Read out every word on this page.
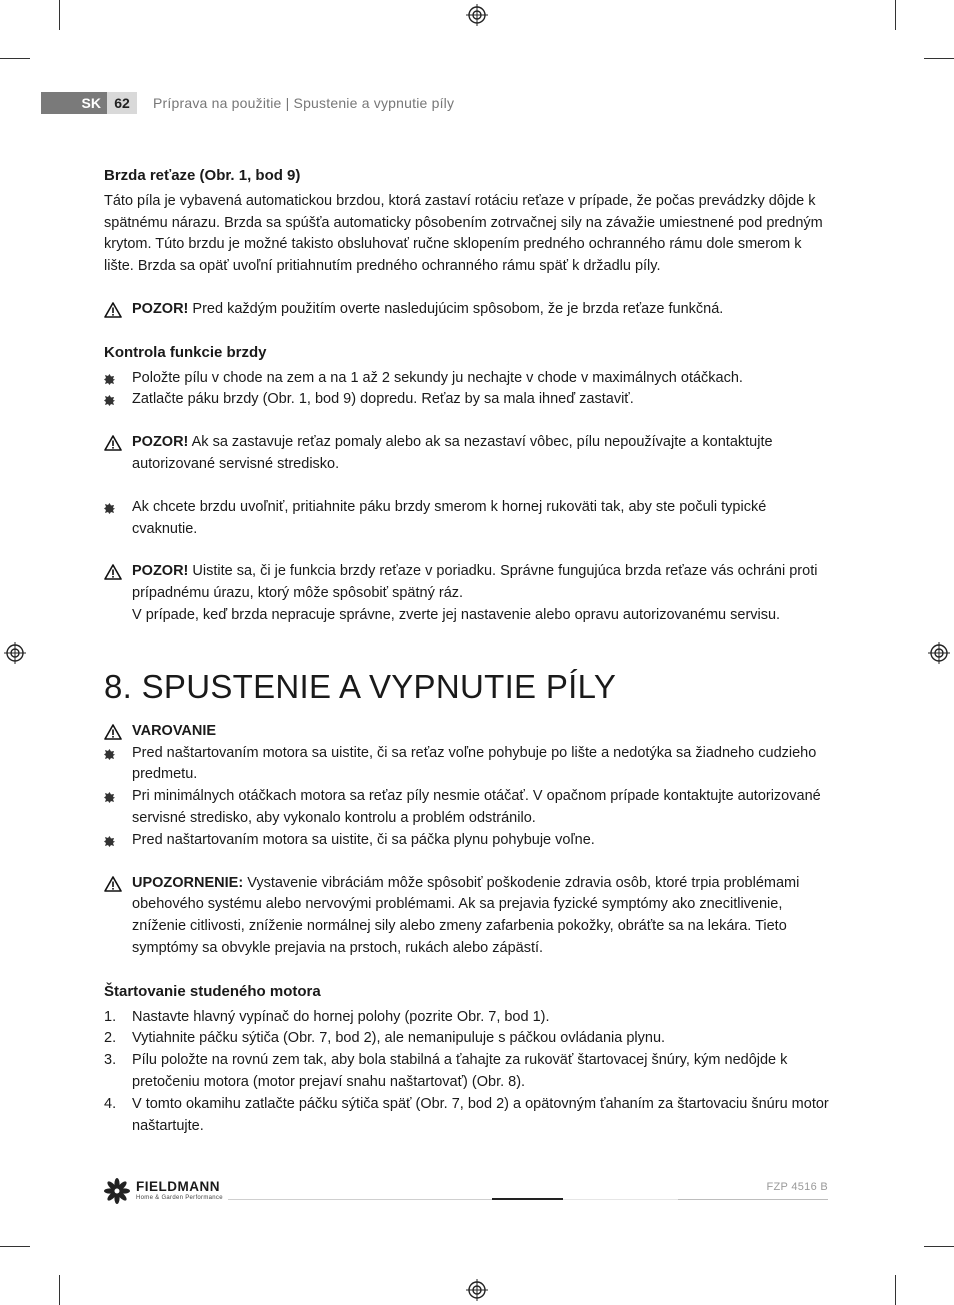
SK 62	Príprava na použitie | Spustenie a vypnutie píly
Brzda reťaze (Obr. 1, bod 9)

Táto píla je vybavená automatickou brzdou, ktorá zastaví rotáciu reťaze v prípade, že počas prevádzky dôjde k spätnému nárazu. Brzda sa spúšťa automaticky pôsobením zotrvačnej sily na závažie umiestnené pod predným krytom. Túto brzdu je možné takisto obsluhovať ručne sklopením predného ochranného rámu dole smerom k lište. Brzda sa opäť uvoľní pritiahnutím predného ochranného rámu späť k držadlu píly.

POZOR! Pred každým použitím overte nasledujúcim spôsobom, že je brzda reťaze funkčná.
Kontrola funkcie brzdy
Položte pílu v chode na zem a na 1 až 2 sekundy ju nechajte v chode v maximálnych otáčkach.
Zatlačte páku brzdy (Obr. 1, bod 9) dopredu. Reťaz by sa mala ihneď zastaviť.
POZOR! Ak sa zastavuje reťaz pomaly alebo ak sa nezastaví vôbec, pílu nepoužívajte a kontaktujte autorizované servisné stredisko.
Ak chcete brzdu uvoľniť, pritiahnite páku brzdy smerom k hornej rukoväti tak, aby ste počuli typické cvaknutie.
POZOR! Uistite sa, či je funkcia brzdy reťaze v poriadku. Správne fungujúca brzda reťaze vás ochráni proti prípadnému úrazu, ktorý môže spôsobiť spätný ráz.

V prípade, keď brzda nepracuje správne, zverte jej nastavenie alebo opravu autorizovanému servisu.

8. SPUSTENIE A VYPNUTIE PÍLY
VAROVANIE
Pred naštartovaním motora sa uistite, či sa reťaz voľne pohybuje po lište a nedotýka sa žiadneho cudzieho predmetu.
Pri minimálnych otáčkach motora sa reťaz píly nesmie otáčať. V opačnom prípade kontaktujte autorizované servisné stredisko, aby vykonalo kontrolu a problém odstránilo.
Pred naštartovaním motora sa uistite, či sa páčka plynu pohybuje voľne.
UPOZORNENIE: Vystavenie vibráciám môže spôsobiť poškodenie zdravia osôb, ktoré trpia problémami obehového systému alebo nervovými problémami. Ak sa prejavia fyzické symptómy ako znecitlivenie, zníženie citlivosti, zníženie normálnej sily alebo zmeny zafarbenia pokožky, obráťte sa na lekára. Tieto symptómy sa obvykle prejavia na prstoch, rukách alebo zápästí.
Štartovanie studeného motora
1. Nastavte hlavný vypínač do hornej polohy (pozrite Obr. 7, bod 1).
2. Vytiahnite páčku sýtiča (Obr. 7, bod 2), ale nemanipuluje s páčkou ovládania plynu.
3. Pílu položte na rovnú zem tak, aby bola stabilná a ťahajte za rukoväť štartovacej šnúry, kým nedôjde k pretočeniu motora (motor prejaví snahu naštartovať) (Obr. 8).
4. V tomto okamihu zatlačte páčku sýtiča späť (Obr. 7, bod 2) a opätovným ťahaním za štartovaciu šnúru motor naštartujte.
FIELDMANN
Home & Garden Performance
FZP 4516 B
